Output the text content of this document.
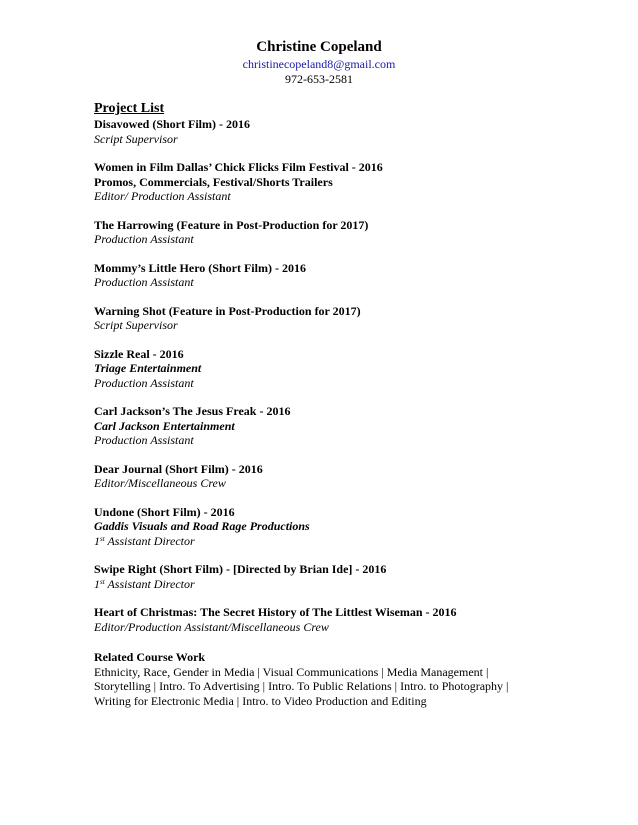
Christine Copeland
christinecopeland8@gmail.com
972-653-2581
Project List
Disavowed (Short Film) - 2016
Script Supervisor
Women in Film Dallas’ Chick Flicks Film Festival - 2016
Promos, Commercials, Festival/Shorts Trailers
Editor/ Production Assistant
The Harrowing (Feature in Post-Production for 2017)
Production Assistant
Mommy’s Little Hero (Short Film) - 2016
Production Assistant
Warning Shot (Feature in Post-Production for 2017)
Script Supervisor
Sizzle Real - 2016
Triage Entertainment
Production Assistant
Carl Jackson’s The Jesus Freak - 2016
Carl Jackson Entertainment
Production Assistant
Dear Journal (Short Film) - 2016
Editor/Miscellaneous Crew
Undone (Short Film) - 2016
Gaddis Visuals and Road Rage Productions
1st Assistant Director
Swipe Right (Short Film) - [Directed by Brian Ide] - 2016
1st Assistant Director
Heart of Christmas: The Secret History of The Littlest Wiseman - 2016
Editor/Production Assistant/Miscellaneous Crew
Related Course Work
Ethnicity, Race, Gender in Media | Visual Communications | Media Management |
Storytelling | Intro. To Advertising | Intro. To Public Relations | Intro. to Photography |
Writing for Electronic Media | Intro. to Video Production and Editing
